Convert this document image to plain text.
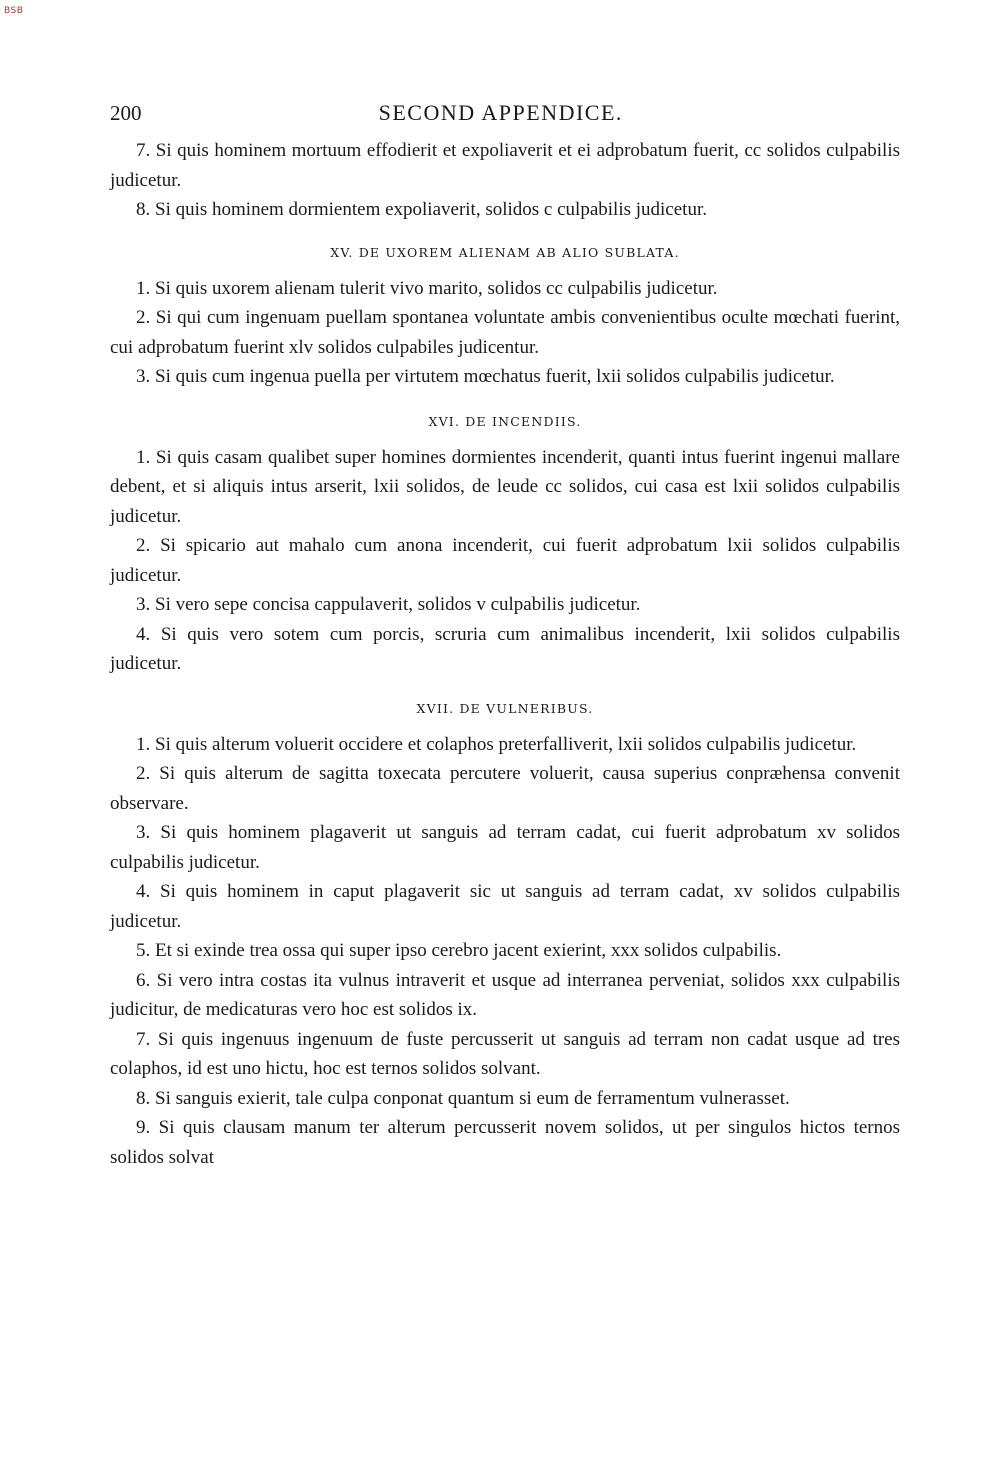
BSB
200	SECOND APPENDICE.

7. Si quis hominem mortuum effodierit et expoliaverit et ei adprobatum fuerit, cc solidos culpabilis judicetur.

8. Si quis hominem dormientem expoliaverit, solidos c culpabilis judicetur.

XV. DE UXOREM ALIENAM AB ALIO SUBLATA.

1. Si quis uxorem alienam tulerit vivo marito, solidos cc culpabilis judicetur.

2. Si qui cum ingenuam puellam spontanea voluntate ambis convenientibus oculte mœchati fuerint, cui adprobatum fuerint xlv solidos culpabiles judicentur.

3. Si quis cum ingenua puella per virtutem mœchatus fuerit, lxii solidos culpabilis judicetur.

XVI. DE INCENDIIS.

1. Si quis casam qualibet super homines dormientes incenderit, quanti intus fuerint ingenui mallare debent, et si aliquis intus arserit, lxii solidos, de leude cc solidos, cui casa est lxii solidos culpabilis judicetur.

2. Si spicario aut mahalo cum anona incenderit, cui fuerit adprobatum lxii solidos culpabilis judicetur.

3. Si vero sepe concisa cappulaverit, solidos v culpabilis judicetur.

4. Si quis vero sotem cum porcis, scruria cum animalibus incenderit, lxii solidos culpabilis judicetur.

XVII. DE VULNERIBUS.

1. Si quis alterum voluerit occidere et colaphos preterfalliverit, lxii solidos culpabilis judicetur.

2. Si quis alterum de sagitta toxecata percutere voluerit, causa superius conpræhensa convenit observare.

3. Si quis hominem plagaverit ut sanguis ad terram cadat, cui fuerit adprobatum xv solidos culpabilis judicetur.

4. Si quis hominem in caput plagaverit sic ut sanguis ad terram cadat, xv solidos culpabilis judicetur.

5. Et si exinde trea ossa qui super ipso cerebro jacent exierint, xxx solidos culpabilis.

6. Si vero intra costas ita vulnus intraverit et usque ad interranea perveniat, solidos xxx culpabilis judicitur, de medicaturas vero hoc est solidos ix.

7. Si quis ingenuus ingenuum de fuste percusserit ut sanguis ad terram non cadat usque ad tres colaphos, id est uno hictu, hoc est ternos solidos solvant.

8. Si sanguis exierit, tale culpa conponat quantum si eum de ferramentum vulnerasset.

9. Si quis clausam manum ter alterum percusserit novem solidos, ut per singulos hictos ternos solidos solvat
